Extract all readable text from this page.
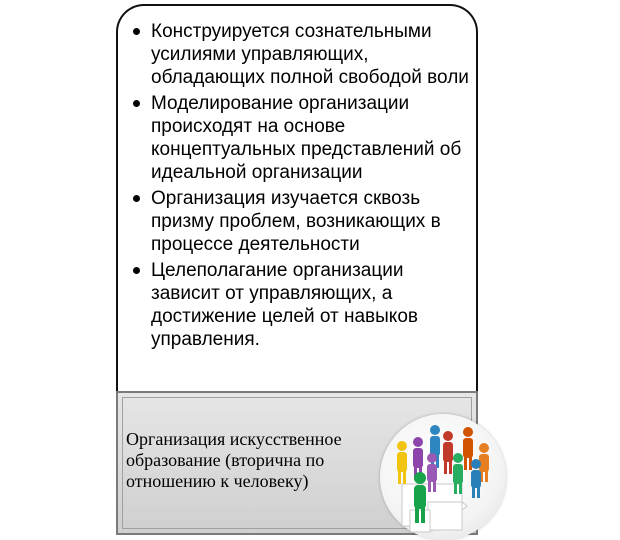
Конструируется сознательными усилиями управляющих, обладающих полной свободой воли
Моделирование организации происходят на основе концептуальных представлений об идеальной организации
Организация изучается сквозь призму проблем, возникающих в процессе деятельности
Целеполагание организации зависит от управляющих, а достижение целей от навыков управления.
Организация искусственное образование (вторична по отношению к человеку)
